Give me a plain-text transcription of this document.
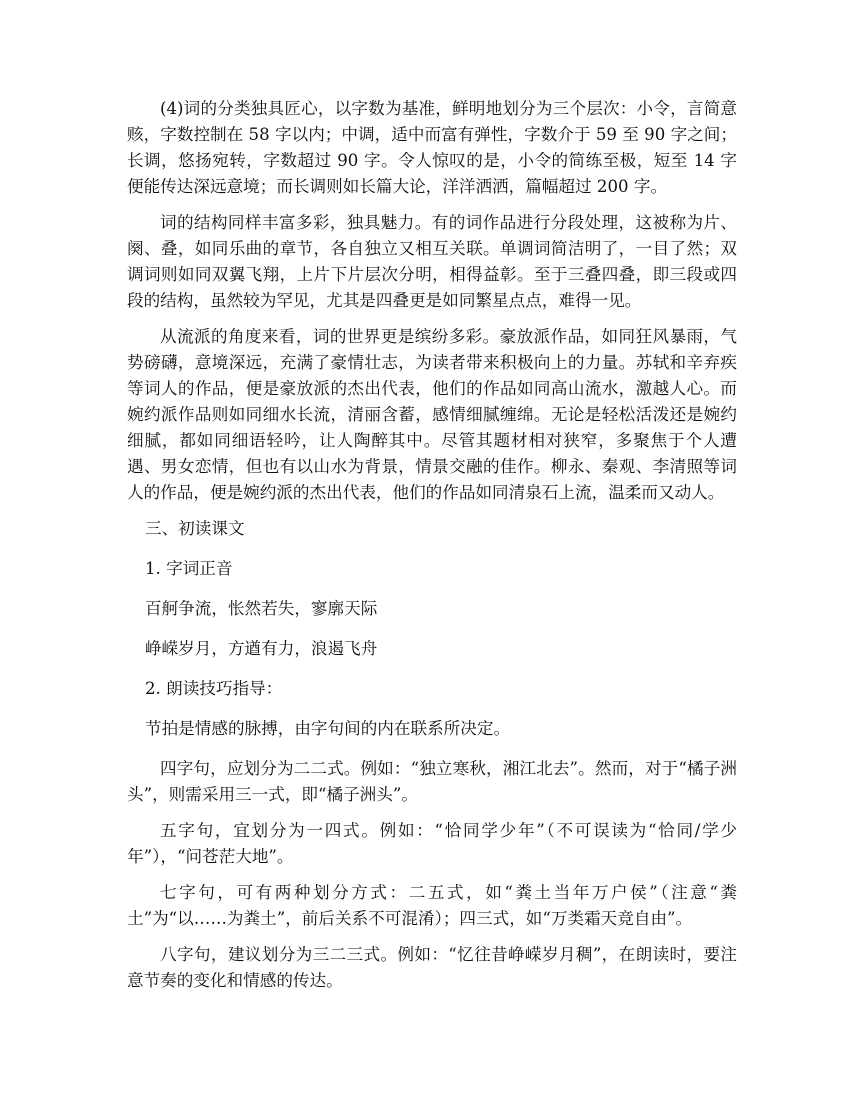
(4)词的分类独具匠心，以字数为基准，鲜明地划分为三个层次：小令，言简意赅，字数控制在 58 字以内；中调，适中而富有弹性，字数介于 59 至 90 字之间；长调，悠扬宛转，字数超过 90 字。令人惊叹的是，小令的简练至极，短至 14 字便能传达深远意境；而长调则如长篇大论，洋洋洒洒，篇幅超过 200 字。

词的结构同样丰富多彩，独具魅力。有的词作品进行分段处理，这被称为片、阕、叠，如同乐曲的章节，各自独立又相互关联。单调词简洁明了，一目了然；双调词则如同双翼飞翔，上片下片层次分明，相得益彰。至于三叠四叠，即三段或四段的结构，虽然较为罕见，尤其是四叠更是如同繁星点点，难得一见。

从流派的角度来看，词的世界更是缤纷多彩。豪放派作品，如同狂风暴雨，气势磅礴，意境深远，充满了豪情壮志，为读者带来积极向上的力量。苏轼和辛弃疾等词人的作品，便是豪放派的杰出代表，他们的作品如同高山流水，激越人心。而婉约派作品则如同细水长流，清丽含蓄，感情细腻缠绵。无论是轻松活泼还是婉约细腻，都如同细语轻吟，让人陶醉其中。尽管其题材相对狭窄，多聚焦于个人遭遇、男女恋情，但也有以山水为背景，情景交融的佳作。柳永、秦观、李清照等词人的作品，便是婉约派的杰出代表，他们的作品如同清泉石上流，温柔而又动人。

三、初读课文

1. 字词正音

百舸争流，怅然若失，寥廓天际

峥嵘岁月，方遒有力，浪遏飞舟

2. 朗读技巧指导：

节拍是情感的脉搏，由字句间的内在联系所决定。

四字句，应划分为二二式。例如：“独立寒秋，湘江北去”。然而，对于“橘子洲头”，则需采用三一式，即“橘子洲头”。

五字句，宜划分为一四式。例如：“恰同学少年”（不可误读为“恰同/学少年”），“问苍茫大地”。

七字句，可有两种划分方式：二五式，如“粪土当年万户侯”（注意“粪土”为“以……为粪土”，前后关系不可混淆）；四三式，如“万类霜天竞自由”。

八字句，建议划分为三二三式。例如：“忆往昔峥嵘岁月稠”，在朗读时，要注意节奏的变化和情感的传达。
